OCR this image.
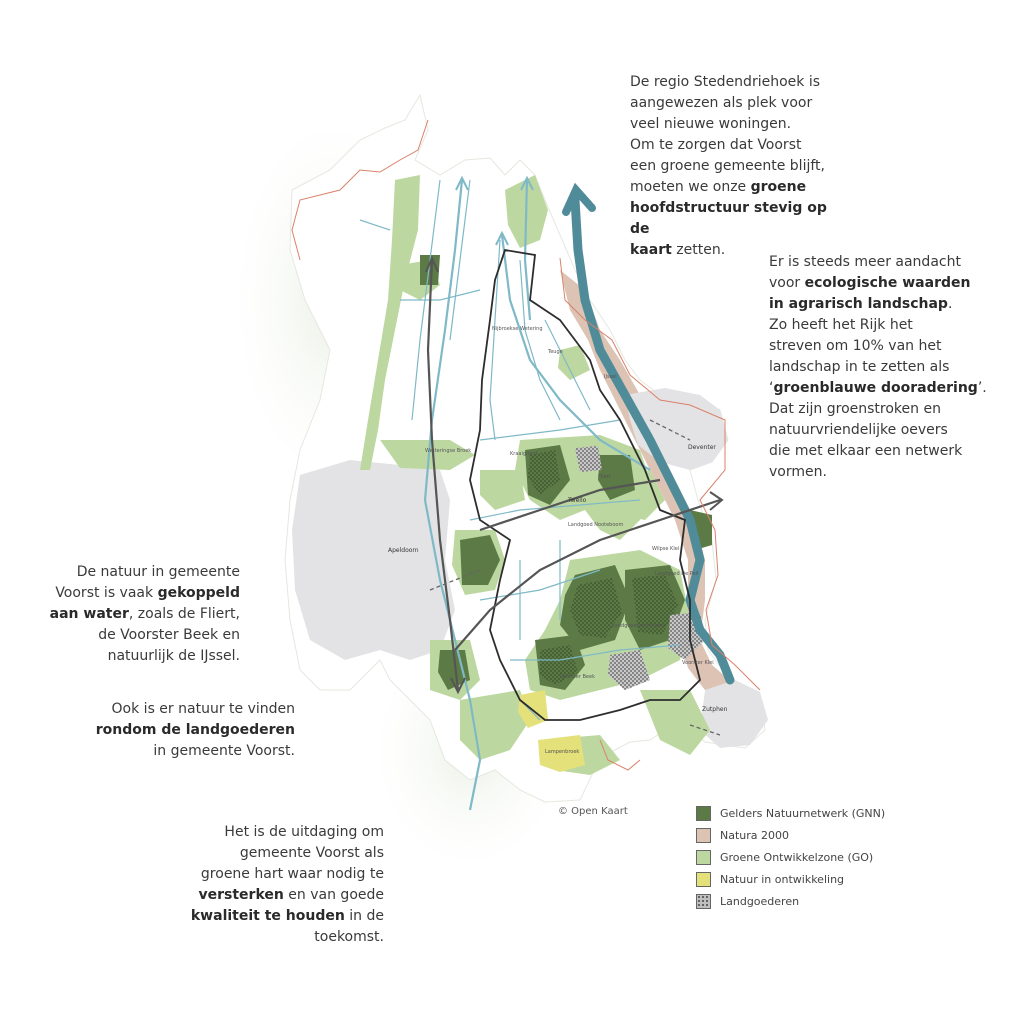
Deventer
Apeldoorn
Zutphen
Twello
Lampenbroek
Nijbroekse Wetering
Teuge
Wetteringse Broek	Kraaigrond
Fliert
Landgoed Nooteboom
Wilpse Klei
Landgoed De Poll
Voorster Beek
Voorster Klei
Landgoederen Voorst
IJssel
De regio Stedendriehoek is
aangewezen als plek voor
veel nieuwe woningen.
Om te zorgen dat Voorst
een groene gemeente blijft,
moeten we onze groene
hoofdstructuur stevig op de
kaart zetten.
Er is steeds meer aandacht
voor ecologische waarden
in agrarisch landschap.
Zo heeft het Rijk het
streven om 10% van het
landschap in te zetten als
‘groenblauwe dooradering’.
Dat zijn groenstroken en
natuurvriendelijke oevers
die met elkaar een netwerk
vormen.
De natuur in gemeente
Voorst is vaak gekoppeld
aan water, zoals de Fliert,
de Voorster Beek en
natuurlijk de IJssel.
Ook is er natuur te vinden
rondom de landgoederen
in gemeente Voorst.
Het is de uitdaging om
gemeente Voorst als
groene hart waar nodig te
versterken en van goede
kwaliteit te houden in de
toekomst.
© Open Kaart	Gelders Natuurnetwerk (GNN)
Natura 2000
Groene Ontwikkelzone (GO)
Natuur in ontwikkeling
Landgoederen
